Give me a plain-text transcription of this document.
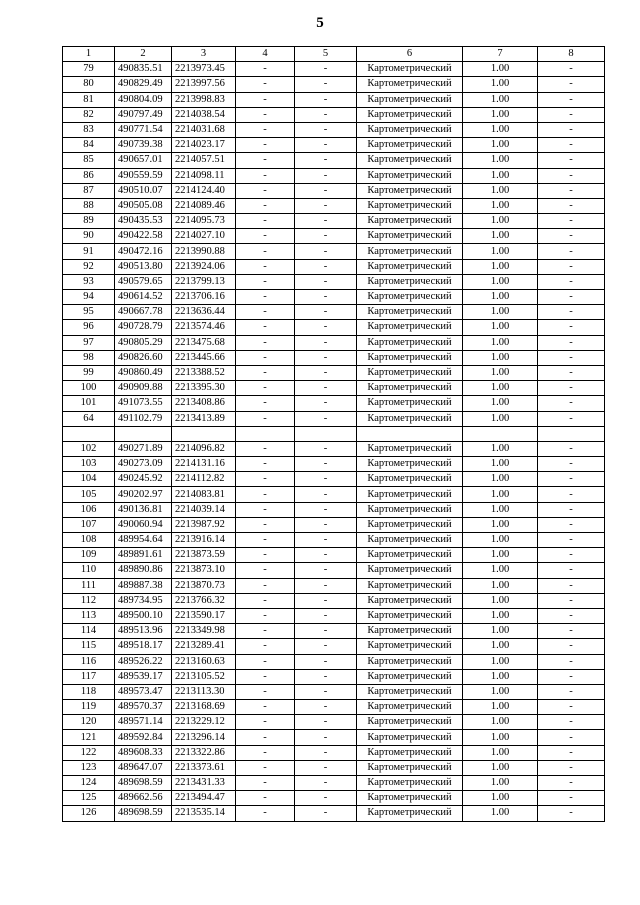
5
1	2	3	4	5	6	7	8
79	490835.51	2213973.45	-	-	Картометрический	1.00	-
80	490829.49	2213997.56	-	-	Картометрический	1.00	-
81	490804.09	2213998.83	-	-	Картометрический	1.00	-
82	490797.49	2214038.54	-	-	Картометрический	1.00	-
83	490771.54	2214031.68	-	-	Картометрический	1.00	-
84	490739.38	2214023.17	-	-	Картометрический	1.00	-
85	490657.01	2214057.51	-	-	Картометрический	1.00	-
86	490559.59	2214098.11	-	-	Картометрический	1.00	-
87	490510.07	2214124.40	-	-	Картометрический	1.00	-
88	490505.08	2214089.46	-	-	Картометрический	1.00	-
89	490435.53	2214095.73	-	-	Картометрический	1.00	-
90	490422.58	2214027.10	-	-	Картометрический	1.00	-
91	490472.16	2213990.88	-	-	Картометрический	1.00	-
92	490513.80	2213924.06	-	-	Картометрический	1.00	-
93	490579.65	2213799.13	-	-	Картометрический	1.00	-
94	490614.52	2213706.16	-	-	Картометрический	1.00	-
95	490667.78	2213636.44	-	-	Картометрический	1.00	-
96	490728.79	2213574.46	-	-	Картометрический	1.00	-
97	490805.29	2213475.68	-	-	Картометрический	1.00	-
98	490826.60	2213445.66	-	-	Картометрический	1.00	-
99	490860.49	2213388.52	-	-	Картометрический	1.00	-
100	490909.88	2213395.30	-	-	Картометрический	1.00	-
101	491073.55	2213408.86	-	-	Картометрический	1.00	-
64	491102.79	2213413.89	-	-	Картометрический	1.00	-

102	490271.89	2214096.82	-	-	Картометрический	1.00	-
103	490273.09	2214131.16	-	-	Картометрический	1.00	-
104	490245.92	2214112.82	-	-	Картометрический	1.00	-
105	490202.97	2214083.81	-	-	Картометрический	1.00	-
106	490136.81	2214039.14	-	-	Картометрический	1.00	-
107	490060.94	2213987.92	-	-	Картометрический	1.00	-
108	489954.64	2213916.14	-	-	Картометрический	1.00	-
109	489891.61	2213873.59	-	-	Картометрический	1.00	-
110	489890.86	2213873.10	-	-	Картометрический	1.00	-
111	489887.38	2213870.73	-	-	Картометрический	1.00	-
112	489734.95	2213766.32	-	-	Картометрический	1.00	-
113	489500.10	2213590.17	-	-	Картометрический	1.00	-
114	489513.96	2213349.98	-	-	Картометрический	1.00	-
115	489518.17	2213289.41	-	-	Картометрический	1.00	-
116	489526.22	2213160.63	-	-	Картометрический	1.00	-
117	489539.17	2213105.52	-	-	Картометрический	1.00	-
118	489573.47	2213113.30	-	-	Картометрический	1.00	-
119	489570.37	2213168.69	-	-	Картометрический	1.00	-
120	489571.14	2213229.12	-	-	Картометрический	1.00	-
121	489592.84	2213296.14	-	-	Картометрический	1.00	-
122	489608.33	2213322.86	-	-	Картометрический	1.00	-
123	489647.07	2213373.61	-	-	Картометрический	1.00	-
124	489698.59	2213431.33	-	-	Картометрический	1.00	-
125	489662.56	2213494.47	-	-	Картометрический	1.00	-
126	489698.59	2213535.14	-	-	Картометрический	1.00	-
